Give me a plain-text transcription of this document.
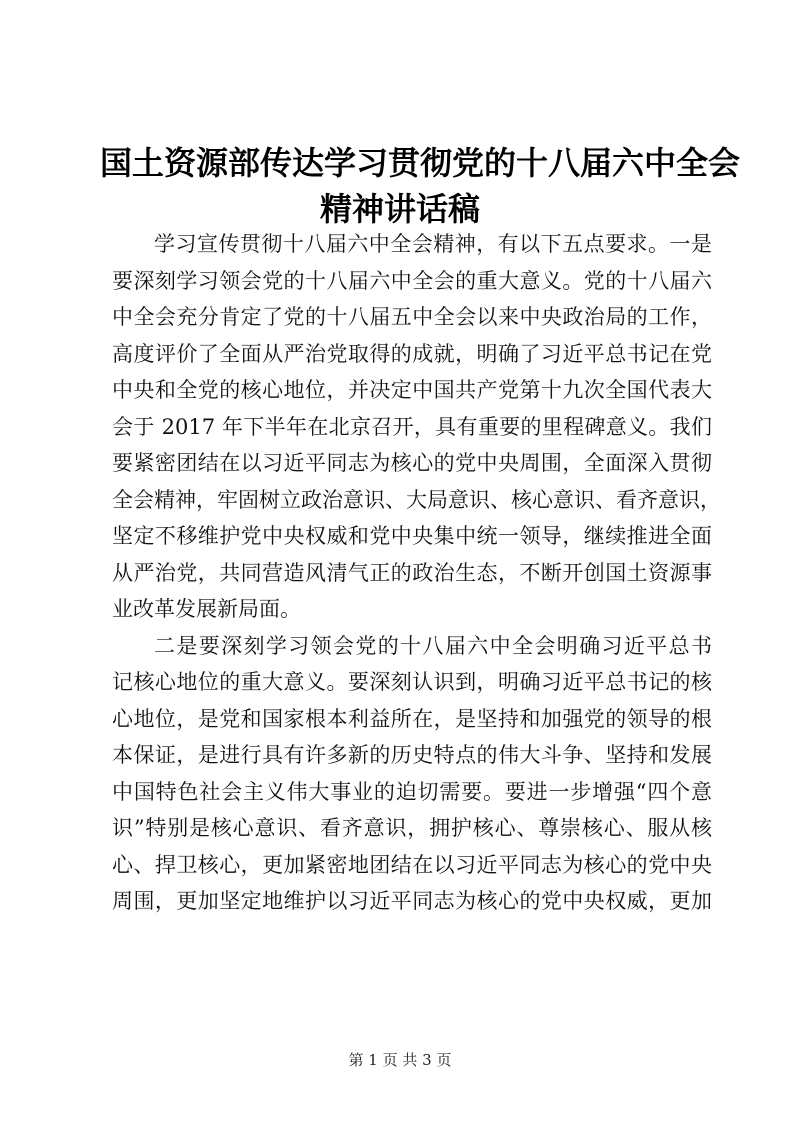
国土资源部传达学习贯彻党的十八届六中全会
精神讲话稿
学习宣传贯彻十八届六中全会精神，有以下五点要求。一是
要深刻学习领会党的十八届六中全会的重大意义。党的十八届六
中全会充分肯定了党的十八届五中全会以来中央政治局的工作，
高度评价了全面从严治党取得的成就，明确了习近平总书记在党
中央和全党的核心地位，并决定中国共产党第十九次全国代表大
会于 2017 年下半年在北京召开，具有重要的里程碑意义。我们
要紧密团结在以习近平同志为核心的党中央周围，全面深入贯彻
全会精神，牢固树立政治意识、大局意识、核心意识、看齐意识，
坚定不移维护党中央权威和党中央集中统一领导，继续推进全面
从严治党，共同营造风清气正的政治生态，不断开创国土资源事
业改革发展新局面。
二是要深刻学习领会党的十八届六中全会明确习近平总书
记核心地位的重大意义。要深刻认识到，明确习近平总书记的核
心地位，是党和国家根本利益所在，是坚持和加强党的领导的根
本保证，是进行具有许多新的历史特点的伟大斗争、坚持和发展
中国特色社会主义伟大事业的迫切需要。要进一步增强“四个意
识”特别是核心意识、看齐意识，拥护核心、尊崇核心、服从核
心、捍卫核心，更加紧密地团结在以习近平同志为核心的党中央
周围，更加坚定地维护以习近平同志为核心的党中央权威，更加
第 1 页 共 3 页
